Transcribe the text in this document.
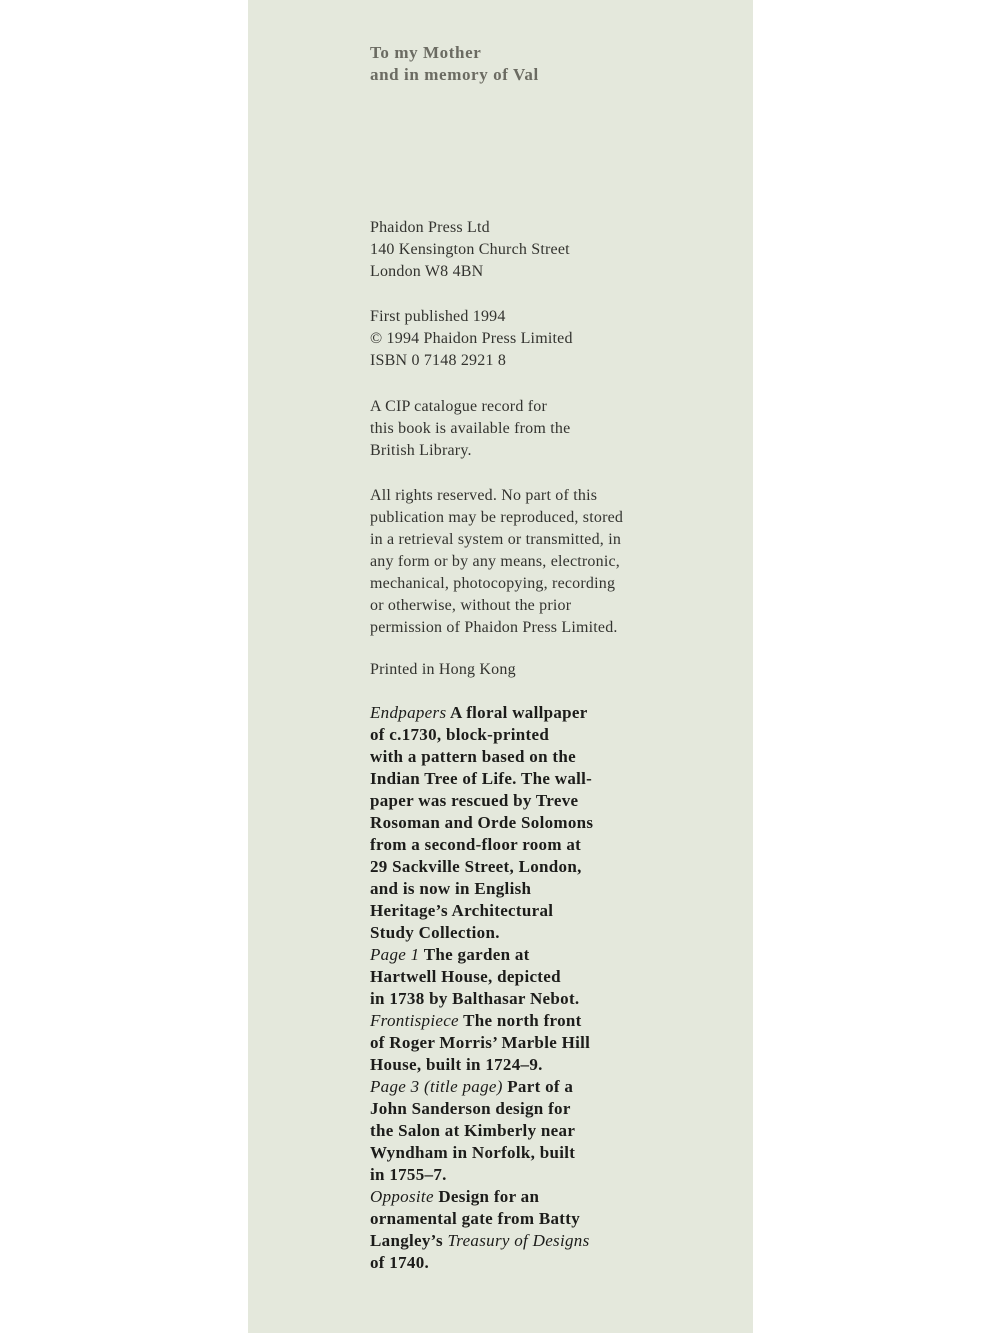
To my Mother
and in memory of Val
Phaidon Press Ltd
140 Kensington Church Street
London W8 4BN
First published 1994
© 1994 Phaidon Press Limited
ISBN 0 7148 2921 8
A CIP catalogue record for
this book is available from the
British Library.
All rights reserved. No part of this
publication may be reproduced, stored
in a retrieval system or transmitted, in
any form or by any means, electronic,
mechanical, photocopying, recording
or otherwise, without the prior
permission of Phaidon Press Limited.
Printed in Hong Kong
Endpapers A floral wallpaper
of c.1730, block-printed
with a pattern based on the
Indian Tree of Life. The wall-
paper was rescued by Treve
Rosoman and Orde Solomons
from a second-floor room at
29 Sackville Street, London,
and is now in English
Heritage’s Architectural
Study Collection.
Page 1 The garden at
Hartwell House, depicted
in 1738 by Balthasar Nebot.
Frontispiece The north front
of Roger Morris’ Marble Hill
House, built in 1724–9.
Page 3 (title page) Part of a
John Sanderson design for
the Salon at Kimberly near
Wyndham in Norfolk, built
in 1755–7.
Opposite Design for an
ornamental gate from Batty
Langley’s Treasury of Designs
of 1740.
